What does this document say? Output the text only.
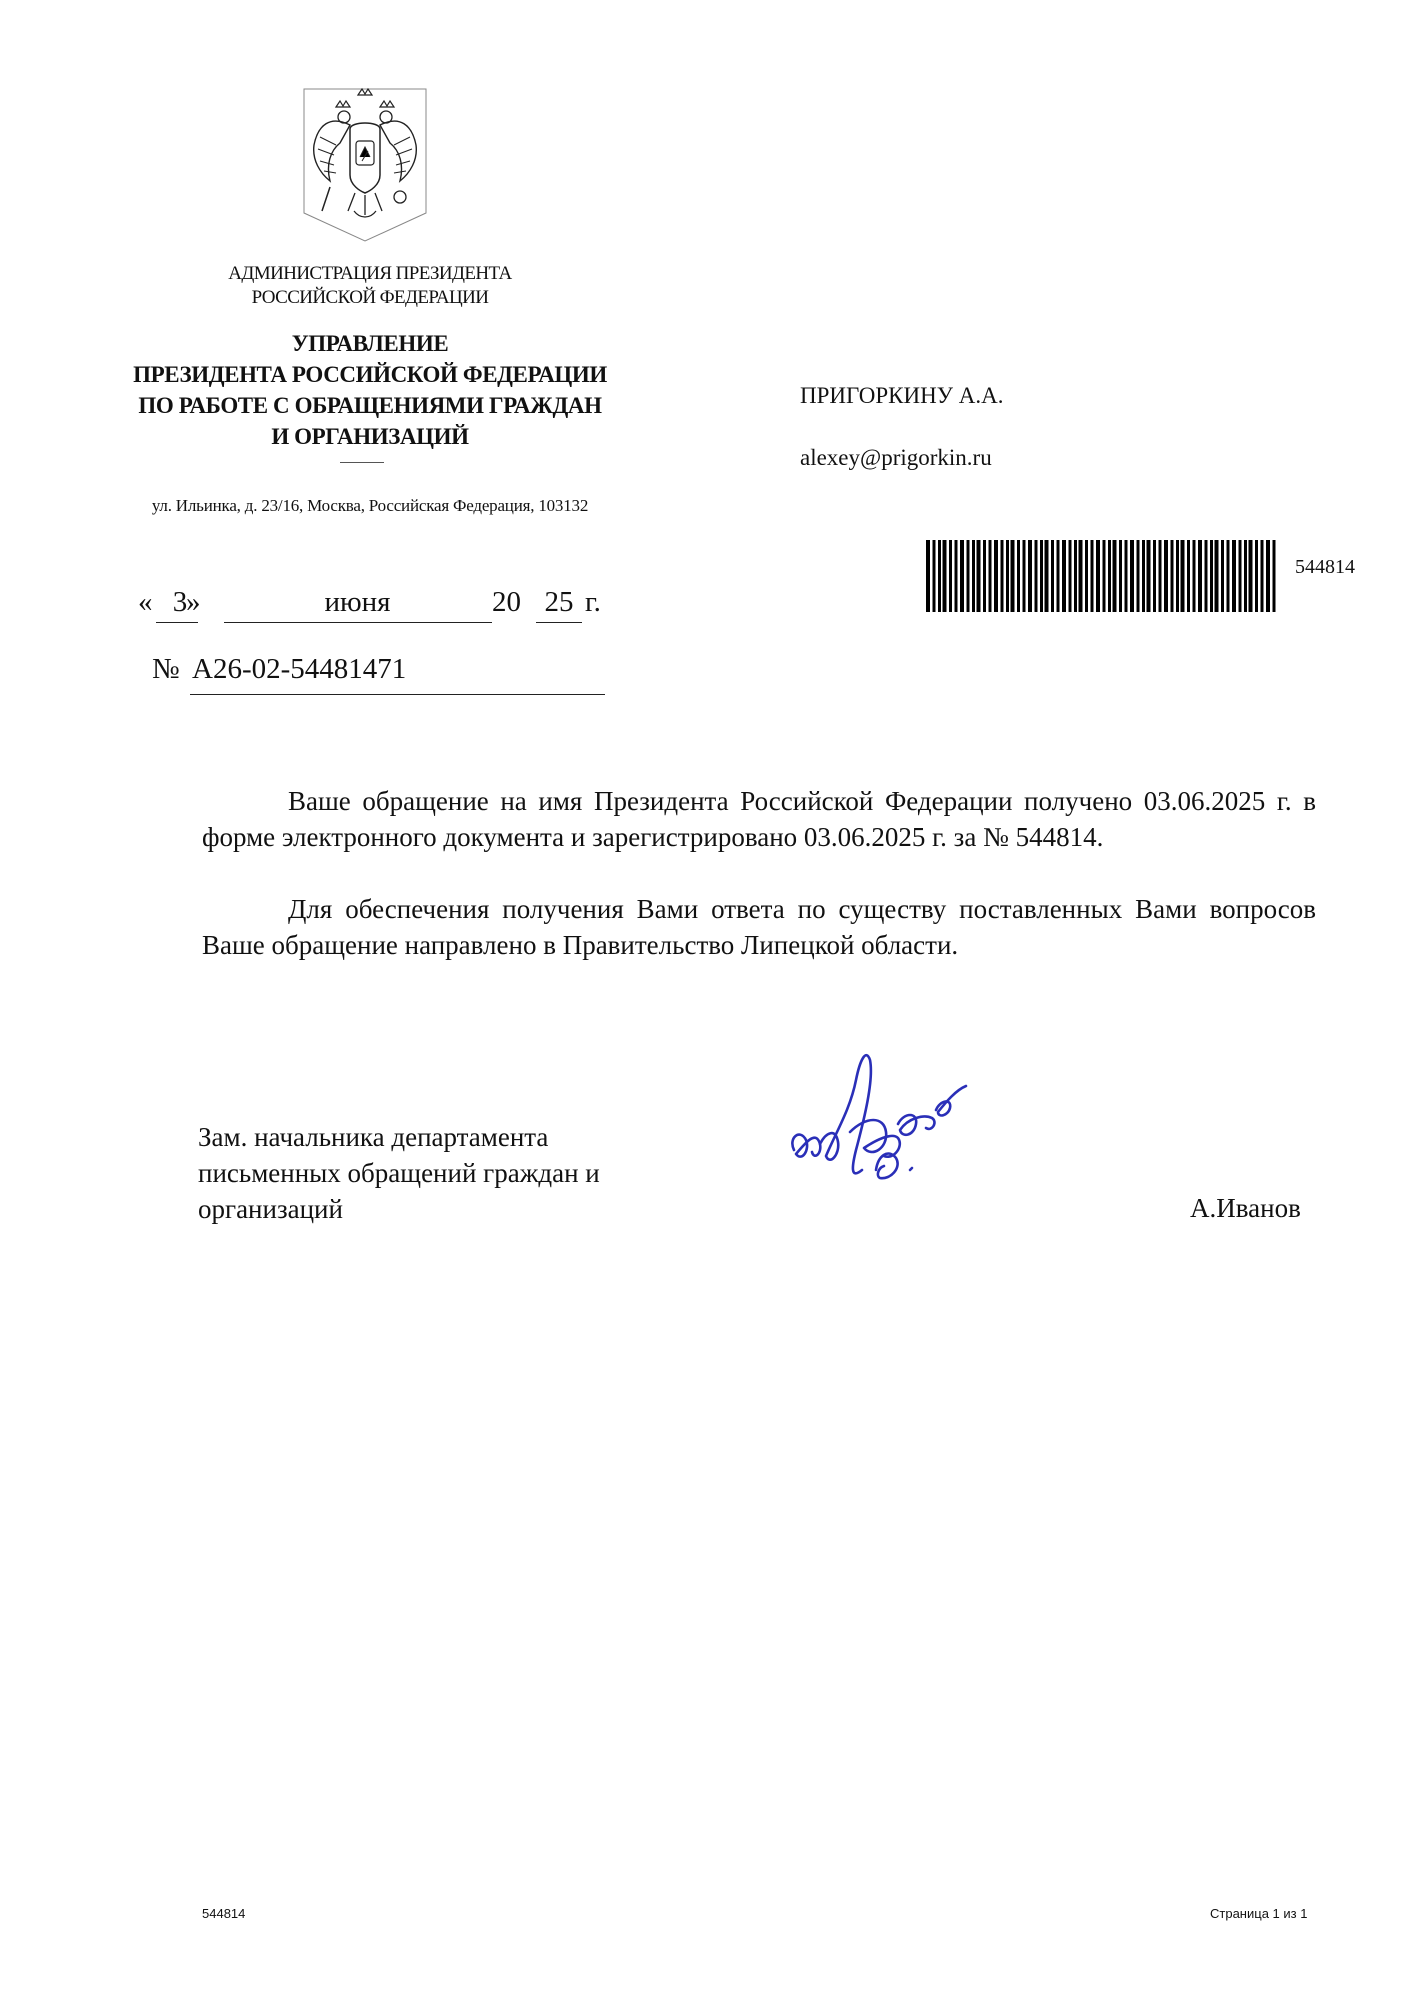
АДМИНИСТРАЦИЯ ПРЕЗИДЕНТА
РОССИЙСКОЙ ФЕДЕРАЦИИ
УПРАВЛЕНИЕ
ПРЕЗИДЕНТА РОССИЙСКОЙ ФЕДЕРАЦИИ
ПО РАБОТЕ С ОБРАЩЕНИЯМИ ГРАЖДАН
И ОРГАНИЗАЦИЙ
ул. Ильинка, д. 23/16, Москва, Российская Федерация, 103132
ПРИГОРКИНУ А.А.
alexey@prigorkin.ru
544814
« 3
»	июня	20 25 г.
№ А26-02-54481471
Ваше обращение на имя Президента Российской Федерации получено 03.06.2025 г. в форме электронного документа и зарегистрировано 03.06.2025 г. за № 544814.
Для обеспечения получения Вами ответа по существу поставленных Вами вопросов Ваше обращение направлено в Правительство Липецкой области.
Зам. начальника департамента
письменных обращений граждан и
организаций	А.Иванов
544814	Страница 1 из 1
